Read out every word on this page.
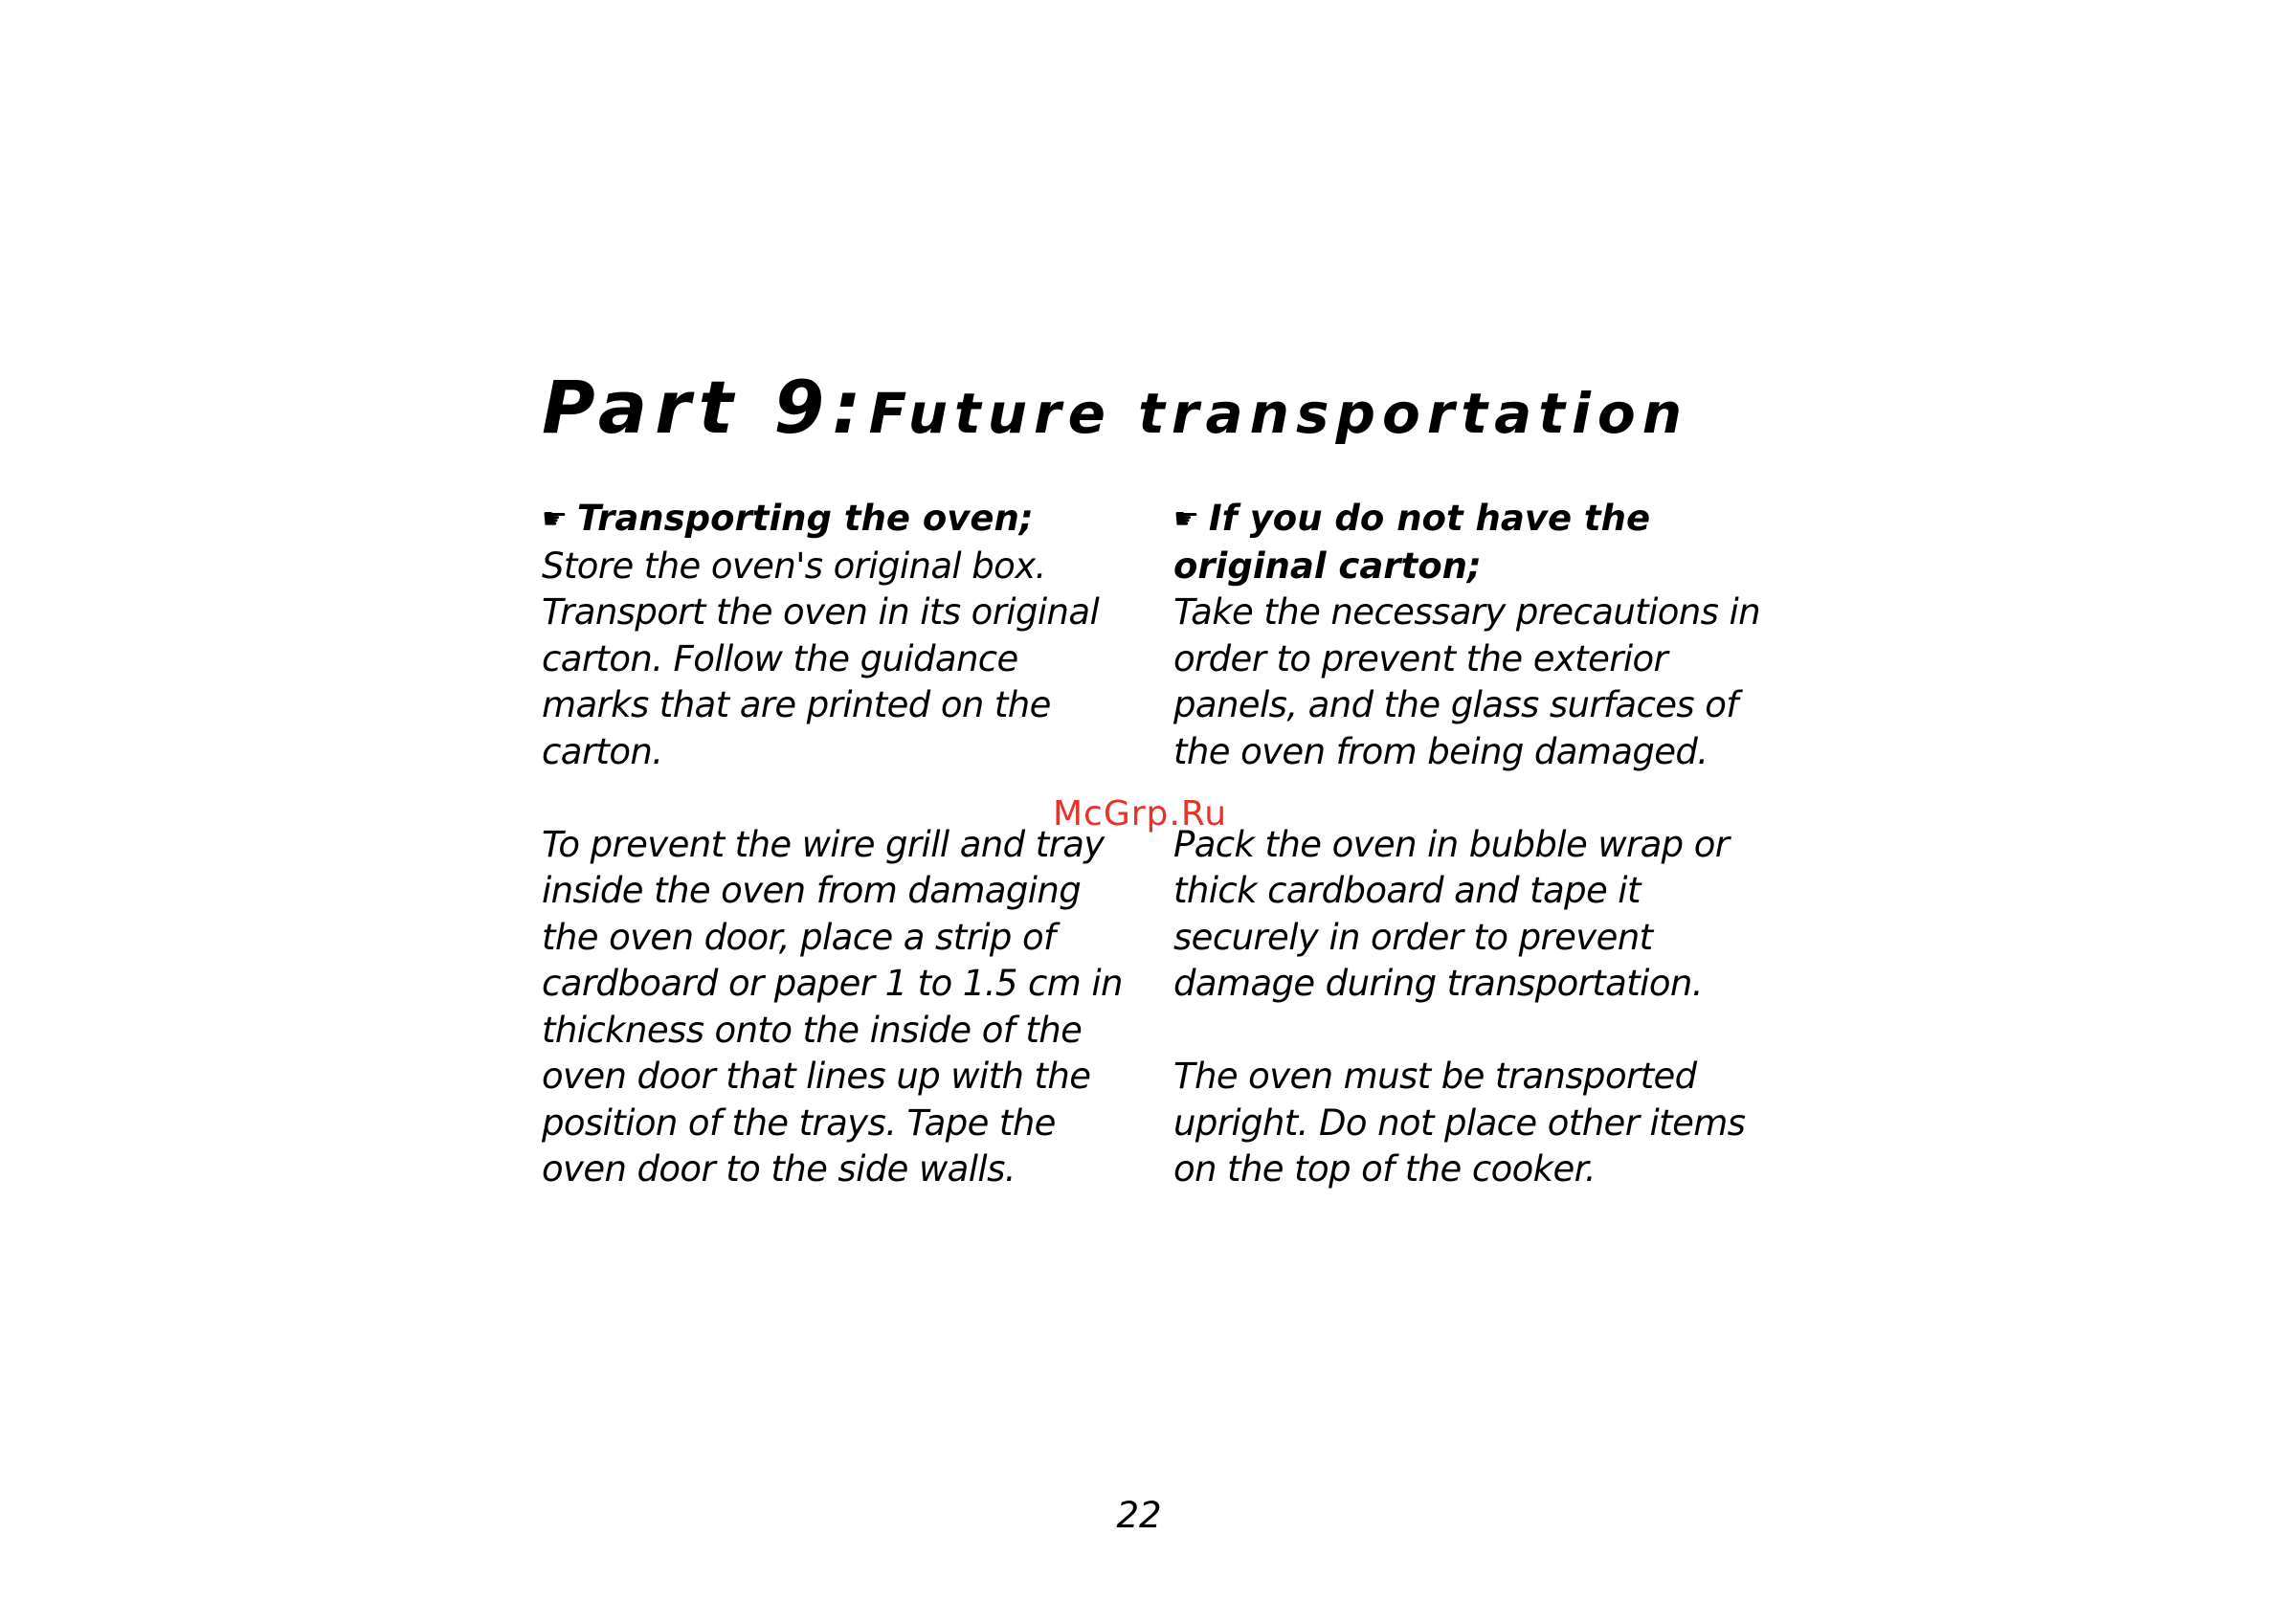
Part 9:Future transportation

☛ Transporting the oven;

Store the oven's original box. Transport the oven in its original carton. Follow the guidance marks that are printed on the carton.

To prevent the wire grill and tray inside the oven from damaging the oven door, place a strip of cardboard or paper 1 to 1.5 cm in thickness onto the inside of the oven door that lines up with the position of the trays. Tape the oven door to the side walls.

☛ If you do not have the original carton;

Take the necessary precautions in order to prevent the exterior panels, and the glass surfaces of the oven from being damaged.

Pack the oven in bubble wrap or thick cardboard and tape it securely in order to prevent damage during transportation.

The oven must be transported upright. Do not place other items on the top of the cooker.

McGrp.Ru
22
